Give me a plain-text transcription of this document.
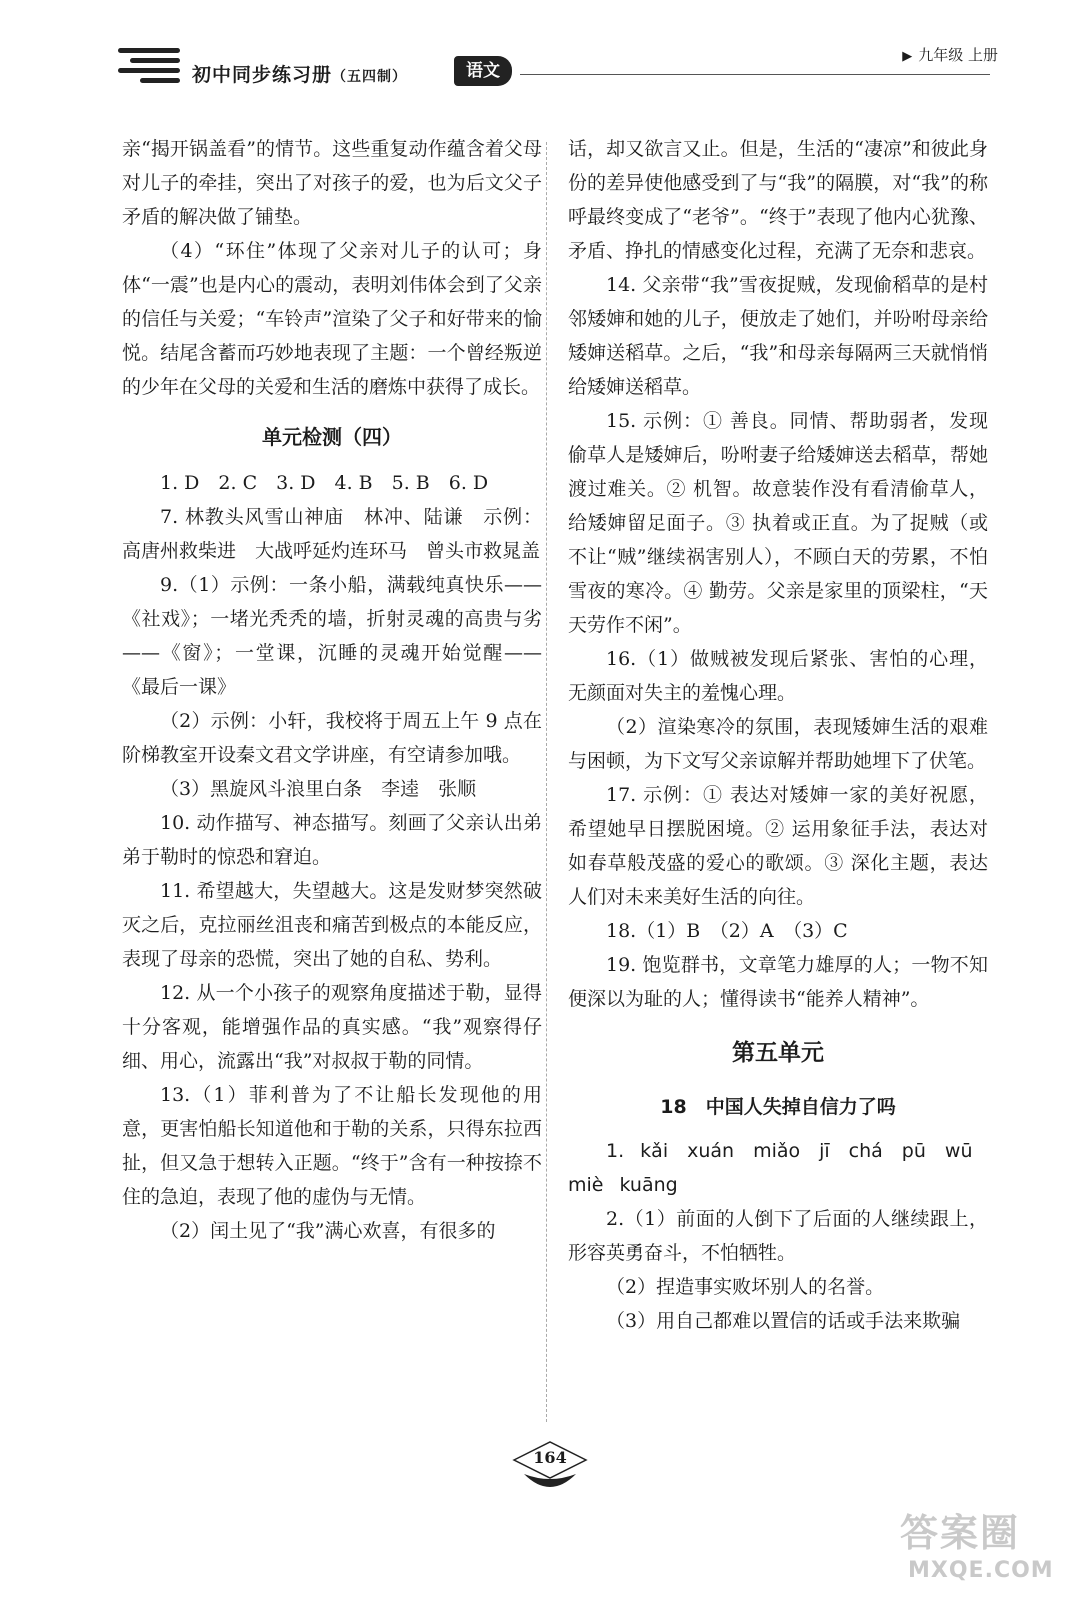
初中同步练习册（五四制）	语文
▶ 九年级 上册
亲“揭开锅盖看”的情节。这些重复动作蕴含着父母对儿子的牵挂，突出了对孩子的爱，也为后文父子矛盾的解决做了铺垫。
（4）“环住”体现了父亲对儿子的认可；身体“一震”也是内心的震动，表明刘伟体会到了父亲的信任与关爱；“车铃声”渲染了父子和好带来的愉悦。结尾含蓄而巧妙地表现了主题：一个曾经叛逆的少年在父母的关爱和生活的磨炼中获得了成长。
单元检测（四）
1. D　2. C　3. D　4. B　5. B　6. D
7. 林教头风雪山神庙　林冲、陆谦　示例：高唐州救柴进　大战呼延灼连环马　曾头市救晁盖
9.（1）示例：一条小船，满载纯真快乐——《社戏》；一堵光秃秃的墙，折射灵魂的高贵与劣——《窗》；一堂课，沉睡的灵魂开始觉醒——《最后一课》
（2）示例：小轩，我校将于周五上午 9 点在阶梯教室开设秦文君文学讲座，有空请参加哦。
（3）黑旋风斗浪里白条　李逵　张顺
10. 动作描写、神态描写。刻画了父亲认出弟弟于勒时的惊恐和窘迫。
11. 希望越大，失望越大。这是发财梦突然破灭之后，克拉丽丝沮丧和痛苦到极点的本能反应，表现了母亲的恐慌，突出了她的自私、势利。
12. 从一个小孩子的观察角度描述于勒，显得十分客观，能增强作品的真实感。“我”观察得仔细、用心，流露出“我”对叔叔于勒的同情。
13.（1）菲利普为了不让船长发现他的用意，更害怕船长知道他和于勒的关系，只得东拉西扯，但又急于想转入正题。“终于”含有一种按捺不住的急迫，表现了他的虚伪与无情。
（2）闰土见了“我”满心欢喜，有很多的
话，却又欲言又止。但是，生活的“凄凉”和彼此身份的差异使他感受到了与“我”的隔膜，对“我”的称呼最终变成了“老爷”。“终于”表现了他内心犹豫、矛盾、挣扎的情感变化过程，充满了无奈和悲哀。
14. 父亲带“我”雪夜捉贼，发现偷稻草的是村邻矮婶和她的儿子，便放走了她们，并吩咐母亲给矮婶送稻草。之后，“我”和母亲每隔两三天就悄悄给矮婶送稻草。
15. 示例：① 善良。同情、帮助弱者，发现偷草人是矮婶后，吩咐妻子给矮婶送去稻草，帮她渡过难关。② 机智。故意装作没有看清偷草人，给矮婶留足面子。③ 执着或正直。为了捉贼（或不让“贼”继续祸害别人），不顾白天的劳累，不怕雪夜的寒冷。④ 勤劳。父亲是家里的顶梁柱，“天天劳作不闲”。
16.（1）做贼被发现后紧张、害怕的心理，无颜面对失主的羞愧心理。
（2）渲染寒冷的氛围，表现矮婶生活的艰难与困顿，为下文写父亲谅解并帮助她埋下了伏笔。
17. 示例：① 表达对矮婶一家的美好祝愿，希望她早日摆脱困境。② 运用象征手法，表达对如春草般茂盛的爱心的歌颂。③ 深化主题，表达人们对未来美好生活的向往。
18.（1）B　（2）A　（3）C
19. 饱览群书，文章笔力雄厚的人；一物不知便深以为耻的人；懂得读书“能养人精神”。
第五单元
18　中国人失掉自信力了吗
1. kǎi　xuán　miǎo　jī　chá　pū　wū
miè kuāng
2.（1）前面的人倒下了后面的人继续跟上，形容英勇奋斗，不怕牺牲。
（2）捏造事实败坏别人的名誉。
（3）用自己都难以置信的话或手法来欺骗
164
答案圈
MXQE.COM
